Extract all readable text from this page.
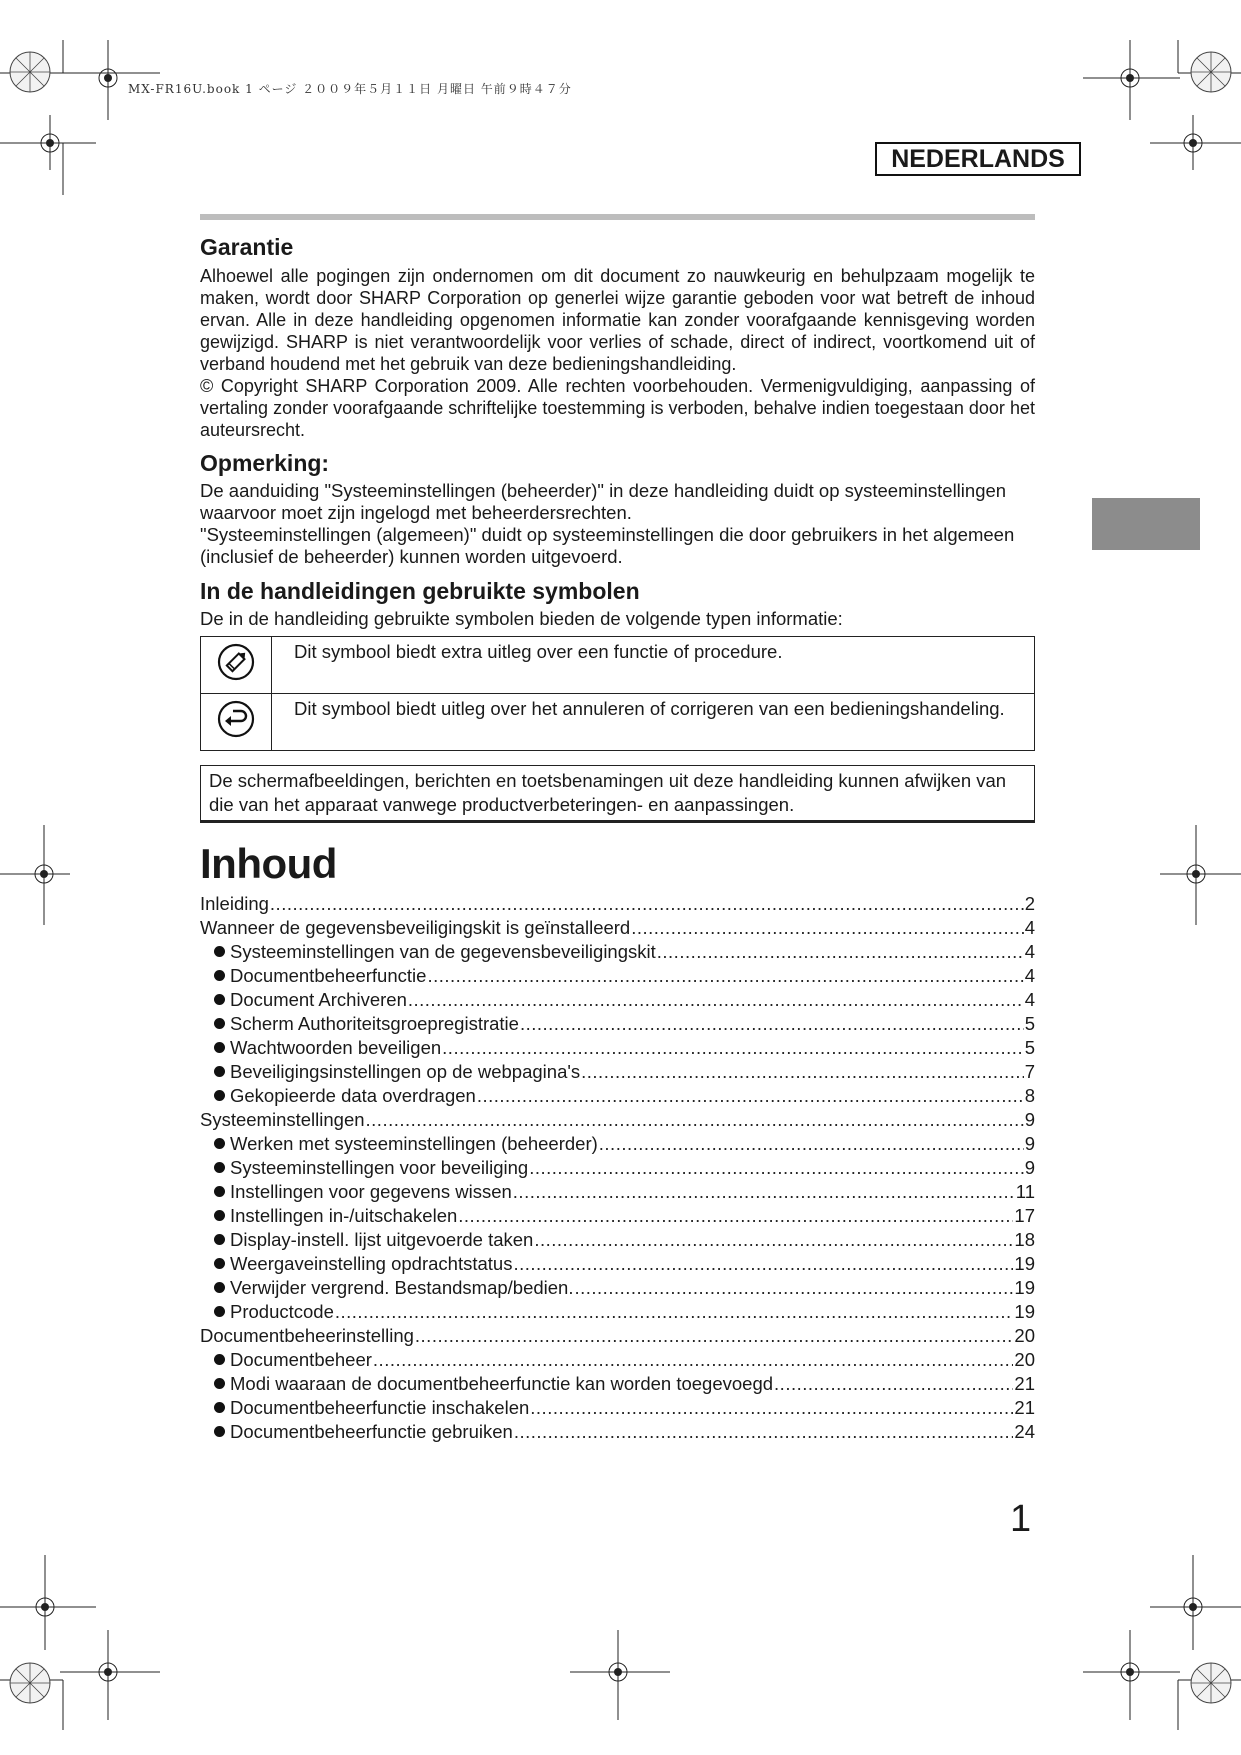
MX-FR16U.book 1 ページ ２００９年５月１１日 月曜日 午前９時４７分
NEDERLANDS
Garantie

Alhoewel alle pogingen zijn ondernomen om dit document zo nauwkeurig en behulpzaam mogelijk te maken, wordt door SHARP Corporation op generlei wijze garantie geboden voor wat betreft de inhoud ervan. Alle in deze handleiding opgenomen informatie kan zonder voorafgaande kennisgeving worden gewijzigd. SHARP is niet verantwoordelijk voor verlies of schade, direct of indirect, voortkomend uit of verband houdend met het gebruik van deze bedieningshandleiding.

© Copyright SHARP Corporation 2009. Alle rechten voorbehouden. Vermenigvuldiging, aanpassing of vertaling zonder voorafgaande schriftelijke toestemming is verboden, behalve indien toegestaan door het auteursrecht.

Opmerking:

De aanduiding "Systeeminstellingen (beheerder)" in deze handleiding duidt op systeeminstellingen waarvoor moet zijn ingelogd met beheerdersrechten.

"Systeeminstellingen (algemeen)" duidt op systeeminstellingen die door gebruikers in het algemeen (inclusief de beheerder) kunnen worden uitgevoerd.

In de handleidingen gebruikte symbolen

De in de handleiding gebruikte symbolen bieden de volgende typen informatie:

	Dit symbool biedt extra uitleg over een functie of procedure.
	Dit symbool biedt uitleg over het annuleren of corrigeren van een bedieningshandeling.
De schermafbeeldingen, berichten en toetsbenamingen uit deze handleiding kunnen afwijken van die van het apparaat vanwege productverbeteringen- en aanpassingen.
Inhoud
Inleiding .....	2
Wanneer de gegevensbeveiligingskit is geïnstalleerd .....	4
Systeeminstellingen van de gegevensbeveiligingskit .....	4
Documentbeheerfunctie .....	4
Document Archiveren .....	4
Scherm Authoriteitsgroepregistratie .....	5
Wachtwoorden beveiligen .....	5
Beveiligingsinstellingen op de webpagina's .....	7
Gekopieerde data overdragen .....	8
Systeeminstellingen .....	9
Werken met systeeminstellingen (beheerder) .....	9
Systeeminstellingen voor beveiliging .....	9
Instellingen voor gegevens wissen .....	11
Instellingen in-/uitschakelen .....	17
Display-instell. lijst uitgevoerde taken .....	18
Weergaveinstelling opdrachtstatus .....	19
Verwijder vergrend. Bestandsmap/bedien. .....	19
Productcode .....	19
Documentbeheerinstelling .....	20
Documentbeheer .....	20
Modi waaraan de documentbeheerfunctie kan worden toegevoegd .....	21
Documentbeheerfunctie inschakelen .....	21
Documentbeheerfunctie gebruiken .....	24
1
